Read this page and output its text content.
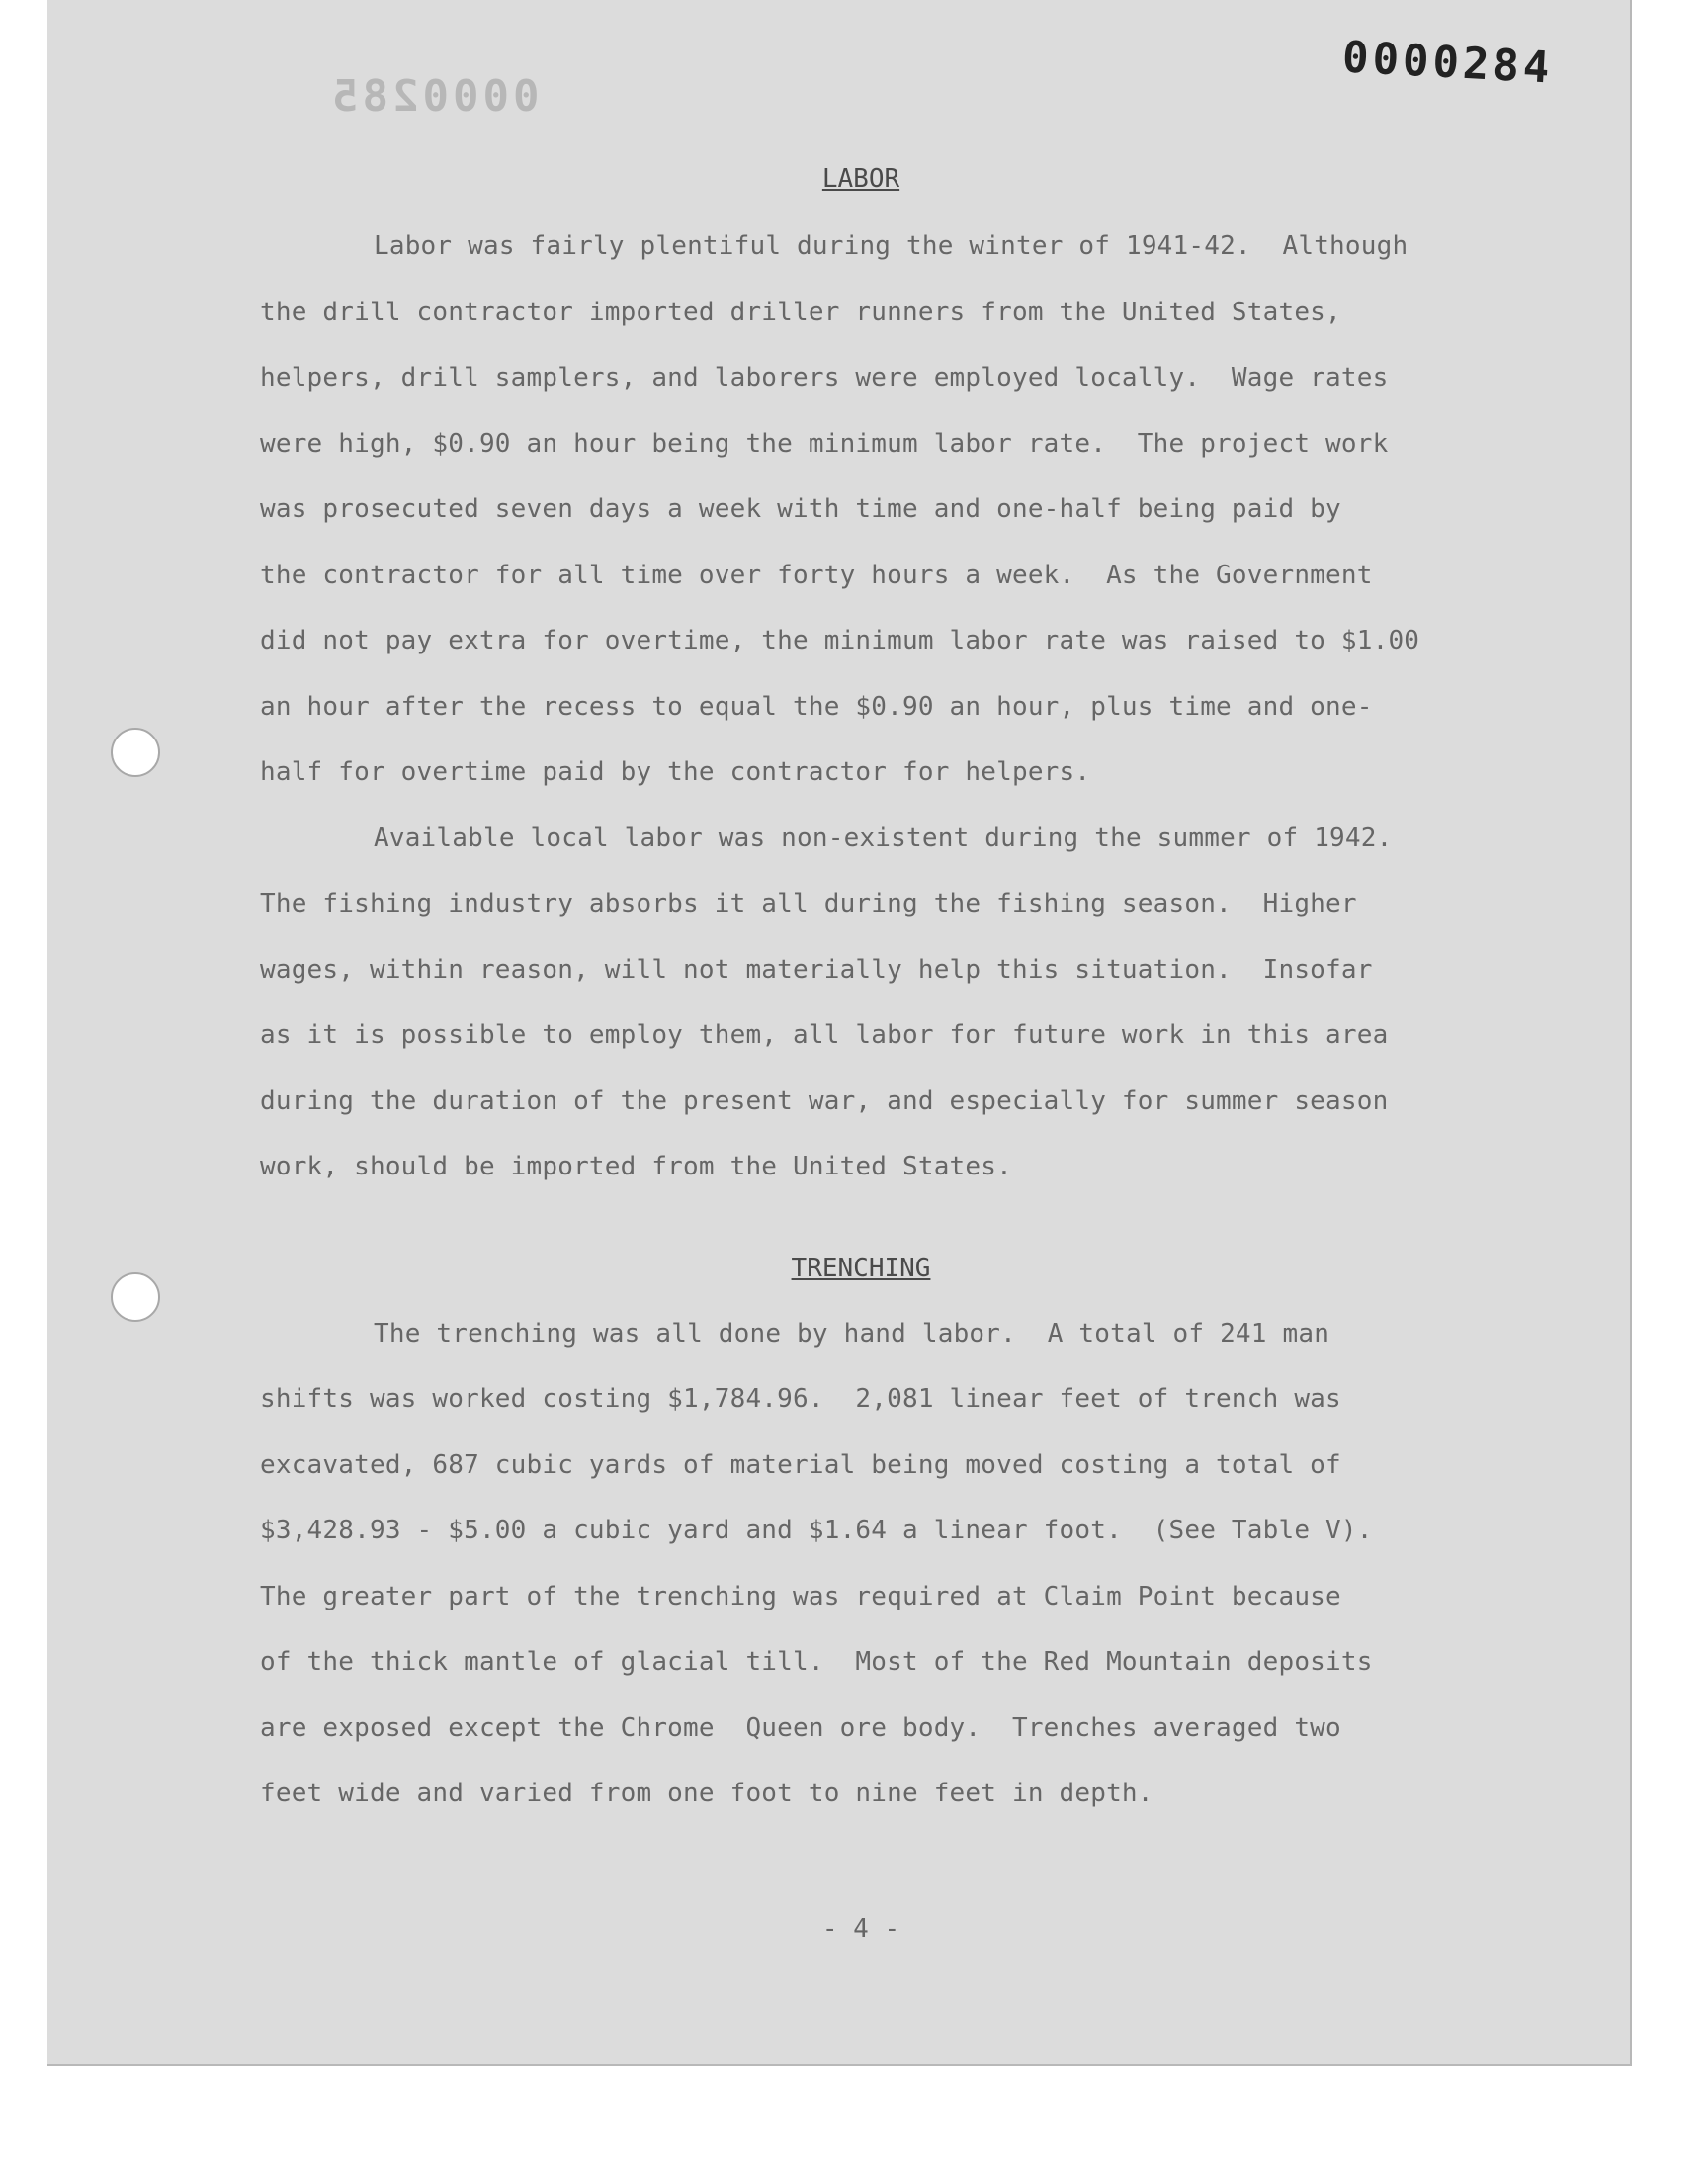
0000285
0000284
LABOR
Labor was fairly plentiful during the winter of 1941-42.  Although
the drill contractor imported driller runners from the United States,
helpers, drill samplers, and laborers were employed locally.  Wage rates
were high, $0.90 an hour being the minimum labor rate.  The project work
was prosecuted seven days a week with time and one-half being paid by
the contractor for all time over forty hours a week.  As the Government
did not pay extra for overtime, the minimum labor rate was raised to $1.00
an hour after the recess to equal the $0.90 an hour, plus time and one-
half for overtime paid by the contractor for helpers.
Available local labor was non-existent during the summer of 1942.
The fishing industry absorbs it all during the fishing season.  Higher
wages, within reason, will not materially help this situation.  Insofar
as it is possible to employ them, all labor for future work in this area
during the duration of the present war, and especially for summer season
work, should be imported from the United States.
TRENCHING
The trenching was all done by hand labor.  A total of 241 man
shifts was worked costing $1,784.96.  2,081 linear feet of trench was
excavated, 687 cubic yards of material being moved costing a total of
$3,428.93 - $5.00 a cubic yard and $1.64 a linear foot.  (See Table V).
The greater part of the trenching was required at Claim Point because
of the thick mantle of glacial till.  Most of the Red Mountain deposits
are exposed except the Chrome  Queen ore body.  Trenches averaged two
feet wide and varied from one foot to nine feet in depth.
- 4 -
